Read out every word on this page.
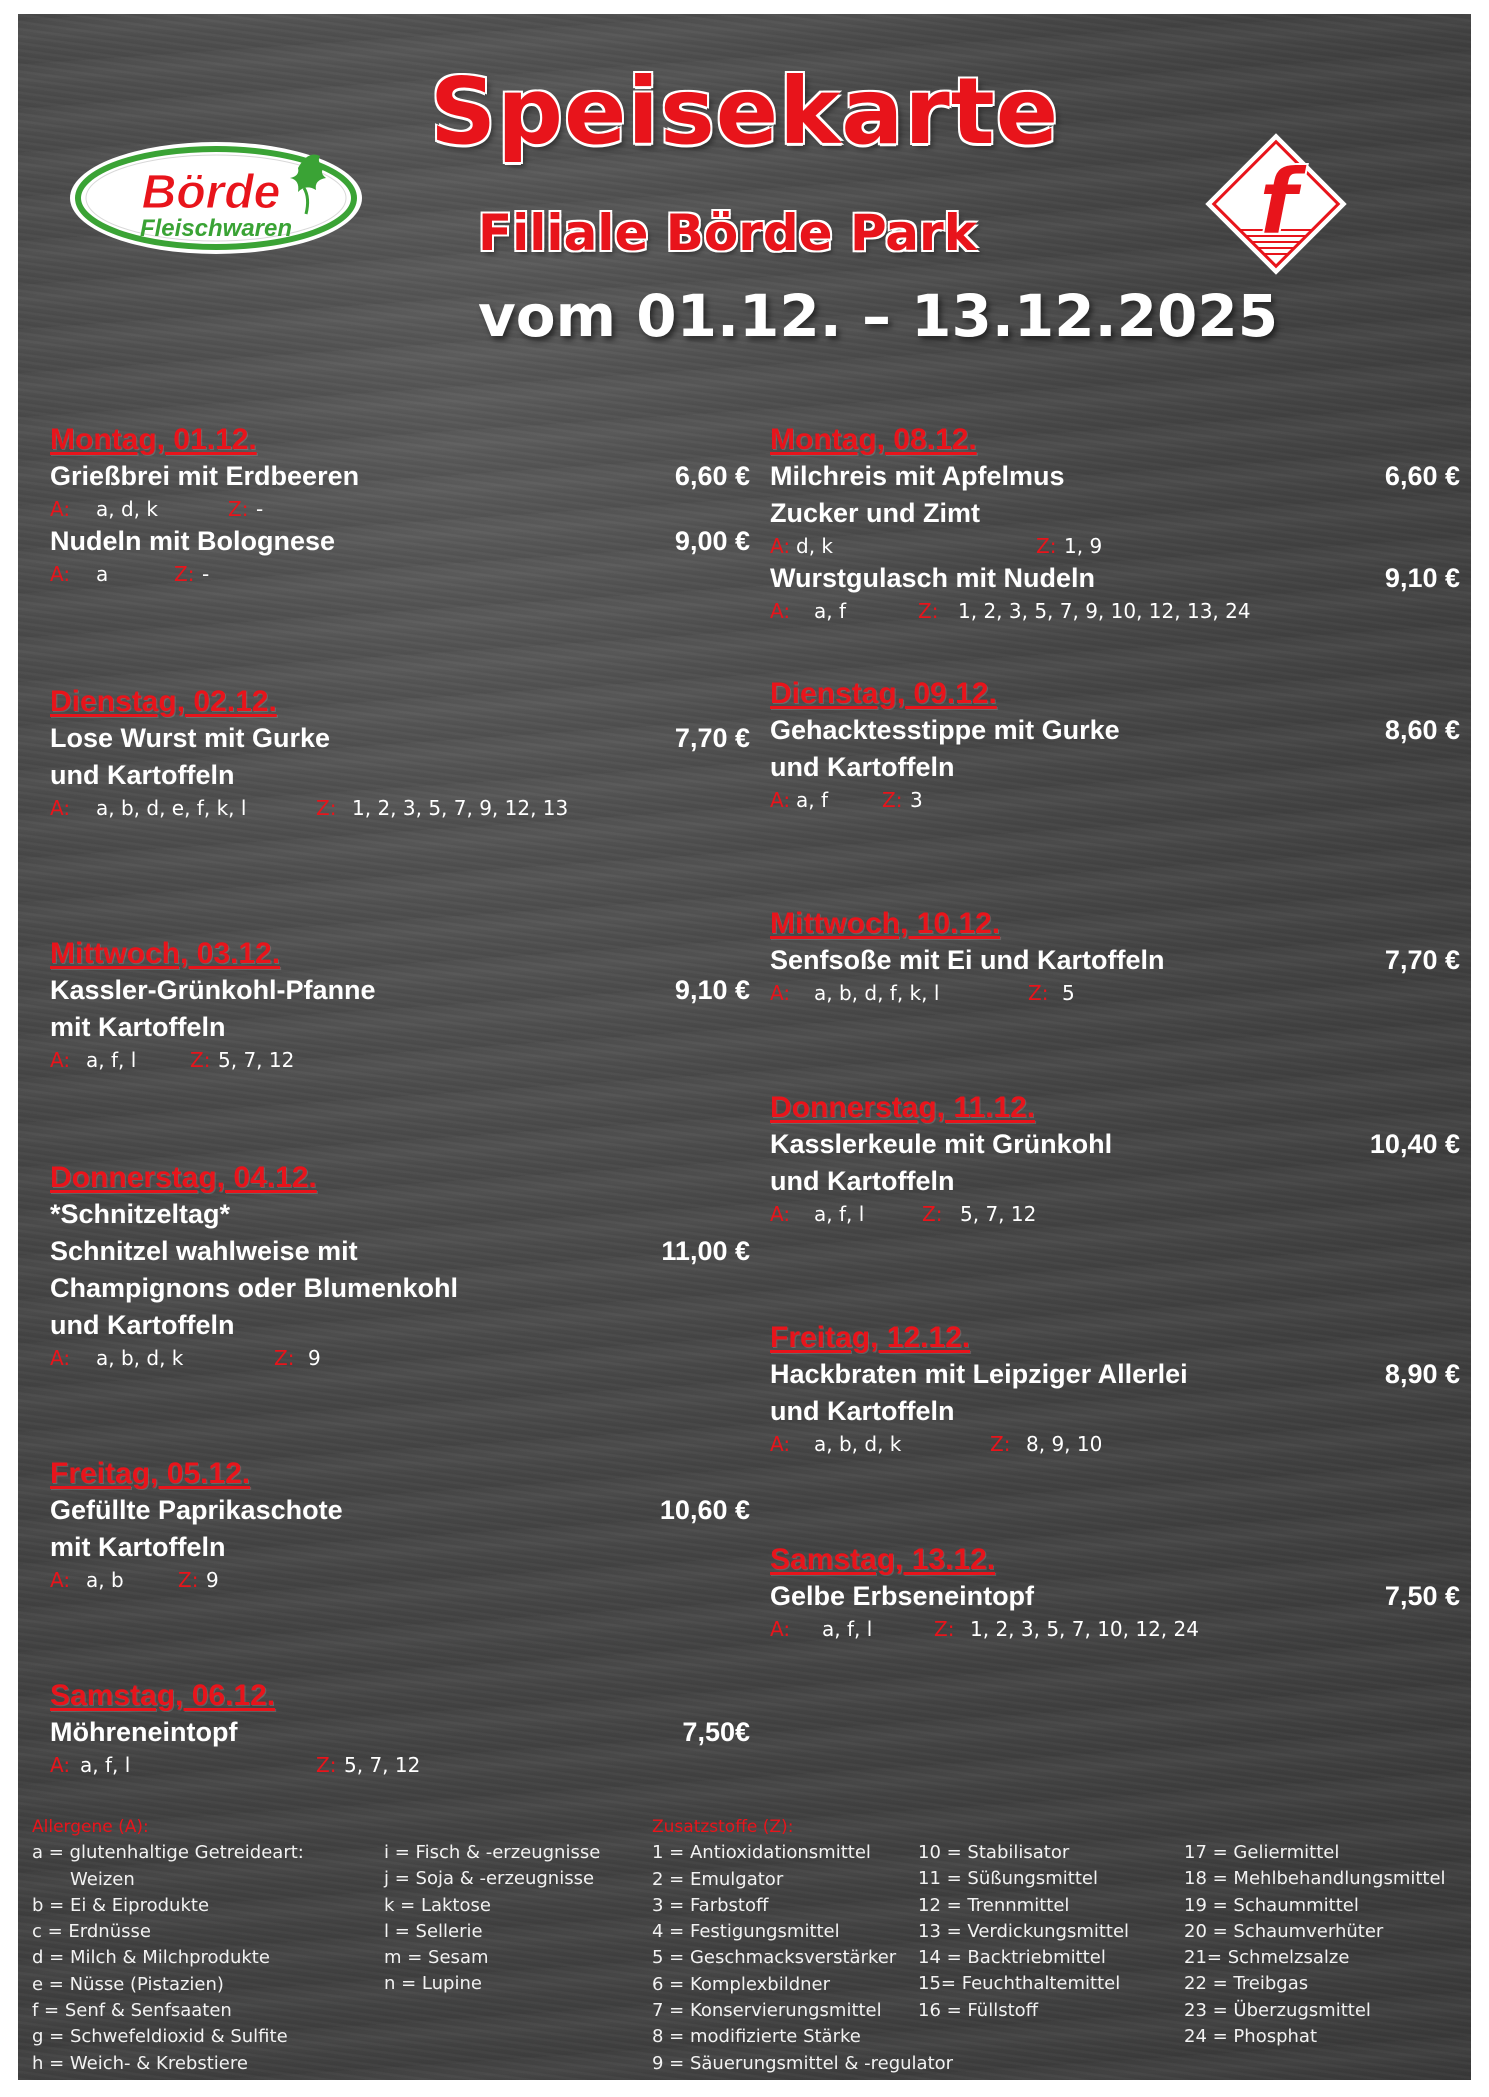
Börde
Fleischwaren	f
Speisekarte
Filiale Börde Park
vom 01.12. – 13.12.2025
Montag, 01.12.
Grießbrei mit Erdbeeren	6,60 €
A: a, d, k	Z: -
Nudeln mit Bolognese	9,00 €
A: a	Z: -
Dienstag, 02.12.
Lose Wurst mit Gurke	7,70 €
und Kartoffeln
A: a, b, d, e, f, k, l	Z: 1, 2, 3, 5, 7, 9, 12, 13
Mittwoch, 03.12.
Kassler-Grünkohl-Pfanne	9,10 €
mit Kartoffeln
A: a, f, l	Z: 5, 7, 12
Donnerstag, 04.12.
*Schnitzeltag*
Schnitzel wahlweise mit	11,00 €
Champignons oder Blumenkohl
und Kartoffeln
A: a, b, d, k	Z: 9
Freitag, 05.12.
Gefüllte Paprikaschote	10,60 €
mit Kartoffeln
A: a, b	Z: 9
Samstag, 06.12.
Möhreneintopf	7,50€
A: a, f, l	Z: 5, 7, 12
Montag, 08.12.
Milchreis mit Apfelmus	6,60 €
Zucker und Zimt
A: d, k	Z: 1, 9
Wurstgulasch mit Nudeln	9,10 €
A: a, f	Z: 1, 2, 3, 5, 7, 9, 10, 12, 13, 24
Dienstag, 09.12.
Gehacktesstippe mit Gurke	8,60 €
und Kartoffeln
A: a, f	Z: 3
Mittwoch, 10.12.
Senfsoße mit Ei und Kartoffeln	7,70 €
A: a, b, d, f, k, l	Z: 5
Donnerstag, 11.12.
Kasslerkeule mit Grünkohl	10,40 €
und Kartoffeln
A: a, f, l	Z: 5, 7, 12
Freitag, 12.12.
Hackbraten mit Leipziger Allerlei	8,90 €
und Kartoffeln
A: a, b, d, k	Z: 8, 9, 10
Samstag, 13.12.
Gelbe Erbseneintopf	7,50 €
A: a, f, l	Z: 1, 2, 3, 5, 7, 10, 12, 24
Allergene (A):
a = glutenhaltige Getreideart:
Weizen
b = Ei & Eiprodukte
c = Erdnüsse
d = Milch & Milchprodukte
e = Nüsse (Pistazien)
f = Senf & Senfsaaten
g = Schwefeldioxid & Sulfite
h = Weich- & Krebstiere
i = Fisch & -erzeugnisse
j = Soja & -erzeugnisse
k = Laktose
l = Sellerie
m = Sesam
n = Lupine
Zusatzstoffe (Z):
1 = Antioxidationsmittel
2 = Emulgator
3 = Farbstoff
4 = Festigungsmittel
5 = Geschmacksverstärker
6 = Komplexbildner
7 = Konservierungsmittel
8 = modifizierte Stärke
9 = Säuerungsmittel & -regulator
10 = Stabilisator
11 = Süßungsmittel
12 = Trennmittel
13 = Verdickungsmittel
14 = Backtriebmittel
15= Feuchthaltemittel
16 = Füllstoff
17 = Geliermittel
18 = Mehlbehandlungsmittel
19 = Schaummittel
20 = Schaumverhüter
21= Schmelzsalze
22 = Treibgas
23 = Überzugsmittel
24 = Phosphat
